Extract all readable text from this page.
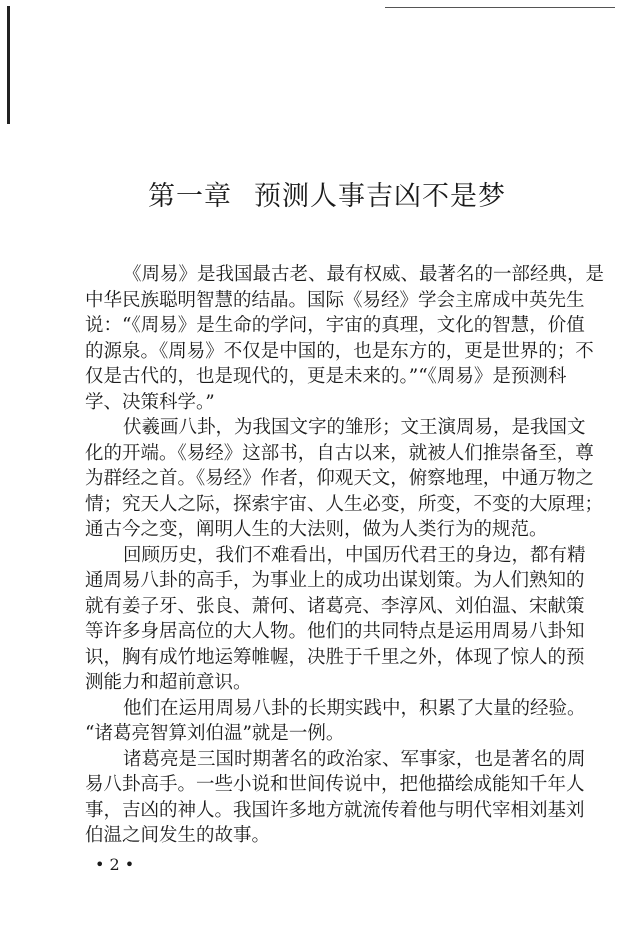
第一章 预测人事吉凶不是梦
《周易》是我国最古老、最有权威、最著名的一部经典，是
中华民族聪明智慧的结晶。国际《易经》学会主席成中英先生
说：“《周易》是生命的学问，宇宙的真理，文化的智慧，价值
的源泉。《周易》不仅是中国的，也是东方的，更是世界的；不
仅是古代的，也是现代的，更是未来的。”“《周易》是预测科
学、决策科学。”
伏羲画八卦，为我国文字的雏形；文王演周易，是我国文
化的开端。《易经》这部书，自古以来，就被人们推崇备至，尊
为群经之首。《易经》作者，仰观天文，俯察地理，中通万物之
情；究天人之际，探索宇宙、人生必变，所变，不变的大原理；
通古今之变，阐明人生的大法则，做为人类行为的规范。
回顾历史，我们不难看出，中国历代君王的身边，都有精
通周易八卦的高手，为事业上的成功出谋划策。为人们熟知的
就有姜子牙、张良、萧何、诸葛亮、李淳风、刘伯温、宋献策
等许多身居高位的大人物。他们的共同特点是运用周易八卦知
识，胸有成竹地运筹帷幄，决胜于千里之外，体现了惊人的预
测能力和超前意识。
他们在运用周易八卦的长期实践中，积累了大量的经验。
“诸葛亮智算刘伯温”就是一例。
诸葛亮是三国时期著名的政治家、军事家，也是著名的周
易八卦高手。一些小说和世间传说中，把他描绘成能知千年人
事，吉凶的神人。我国许多地方就流传着他与明代宰相刘基刘
伯温之间发生的故事。
• 2 •
